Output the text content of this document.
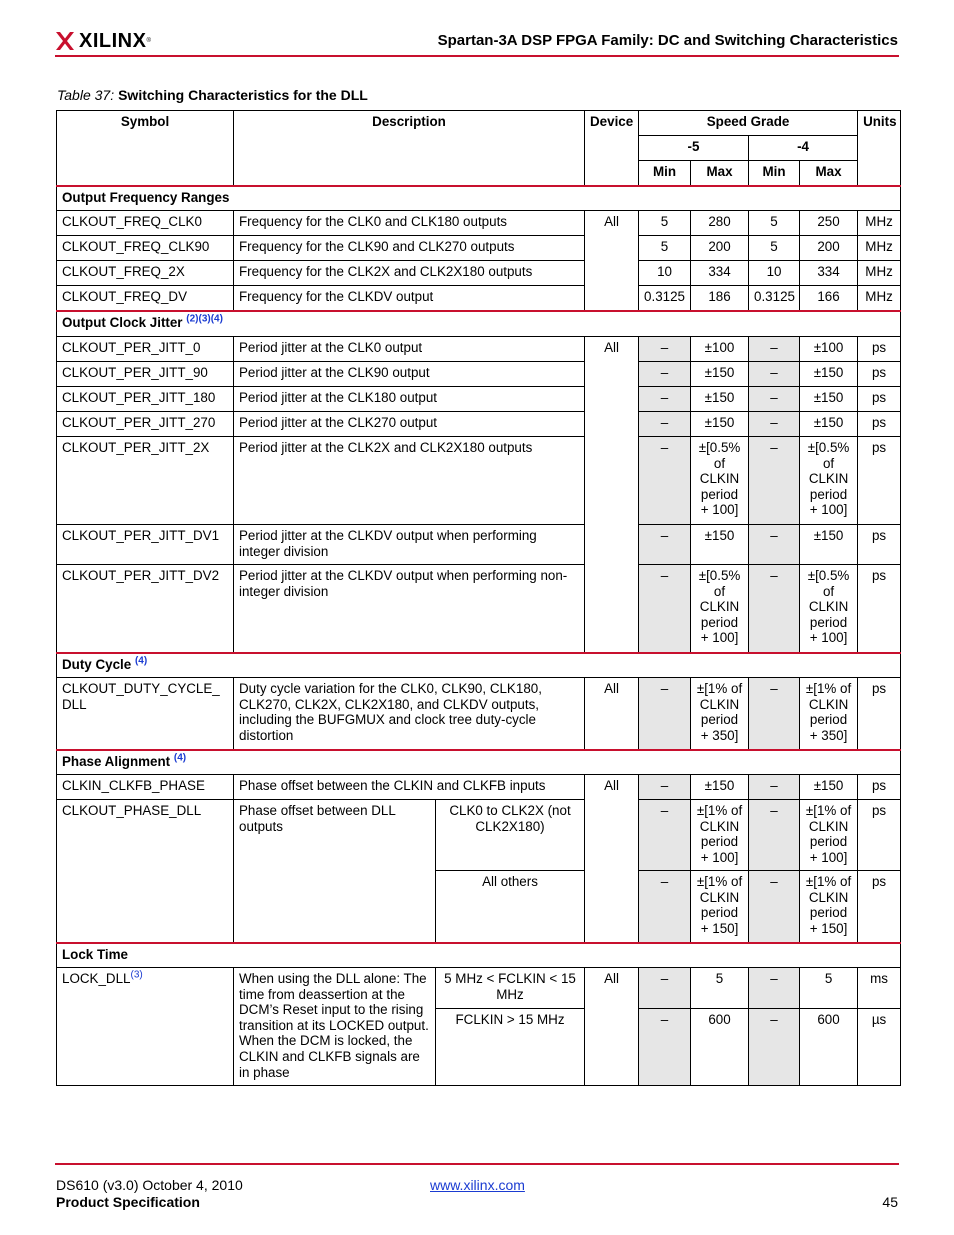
XILINX®	Spartan-3A DSP FPGA Family: DC and Switching Characteristics
Table 37: Switching Characteristics for the DLL
Symbol	Description		Device	Speed Grade				Units
				-5		-4		
				Min	Max	Min	Max	
Output Frequency Ranges								
CLKOUT_FREQ_CLK0	Frequency for the CLK0 and CLK180 outputs		All	5	280	5	250	MHz
CLKOUT_FREQ_CLK90	Frequency for the CLK90 and CLK270 outputs			5	200	5	200	MHz
CLKOUT_FREQ_2X	Frequency for the CLK2X and CLK2X180 outputs			10	334	10	334	MHz
CLKOUT_FREQ_DV	Frequency for the CLKDV output			0.3125	186	0.3125	166	MHz
Output Clock Jitter $^{(2)(3)(4)}$
CLKOUT_PER_JITT_0	Period jitter at the CLK0 output		All	–	±100	–	±100	ps
CLKOUT_PER_JITT_90	Period jitter at the CLK90 output			–	±150	–	±150	ps
CLKOUT_PER_JITT_180	Period jitter at the CLK180 output			–	±150	–	±150	ps
CLKOUT_PER_JITT_270	Period jitter at the CLK270 output			–	±150	–	±150	ps
CLKOUT_PER_JITT_2X	Period jitter at the CLK2X and CLK2X180 outputs			–	±[0.5% of CLKIN period + 100]	–	±[0.5% of CLKIN period + 100]	ps
CLKOUT_PER_JITT_DV1	Period jitter at the CLKDV output when performing integer division			–	±150	–	±150	ps
CLKOUT_PER_JITT_DV2	Period jitter at the CLKDV output when performing non-integer division			–	±[0.5% of CLKIN period + 100]	–	±[0.5% of CLKIN period + 100]	ps
Duty Cycle $^{(4)}$
CLKOUT_DUTY_CYCLE_ DLL	Duty cycle variation for the CLK0, CLK90, CLK180, CLK270, CLK2X, CLK2X180, and CLKDV outputs, including the BUFGMUX and clock tree duty-cycle distortion		All	–	±[1% of CLKIN period + 350]	–	±[1% of CLKIN period + 350]	ps
Phase Alignment $^{(4)}$
CLKIN_CLKFB_PHASE	Phase offset between the CLKIN and CLKFB inputs		All	–	±150	–	±150	ps
CLKOUT_PHASE_DLL	Phase offset between DLL outputs	CLK0 to CLK2X (not CLK2X180)		–	±[1% of CLKIN period + 100]	–	±[1% of CLKIN period + 100]	ps
		All others		–	±[1% of CLKIN period + 150]	–	±[1% of CLKIN period + 150]	ps
Lock Time								
LOCK_DLL$^{(3)}$	When using the DLL alone: The time from deassertion at the DCM’s Reset input to the rising transition at its LOCKED output. When the DCM is locked, the CLKIN and CLKFB signals are in phase	5 MHz < FCLKIN < 15 MHz	All	–	5	–	5	ms
		FCLKIN > 15 MHz		–	600	–	600	µs
DS610 (v3.0) October 4, 2010
Product Specification
www.xilinx.com
45
